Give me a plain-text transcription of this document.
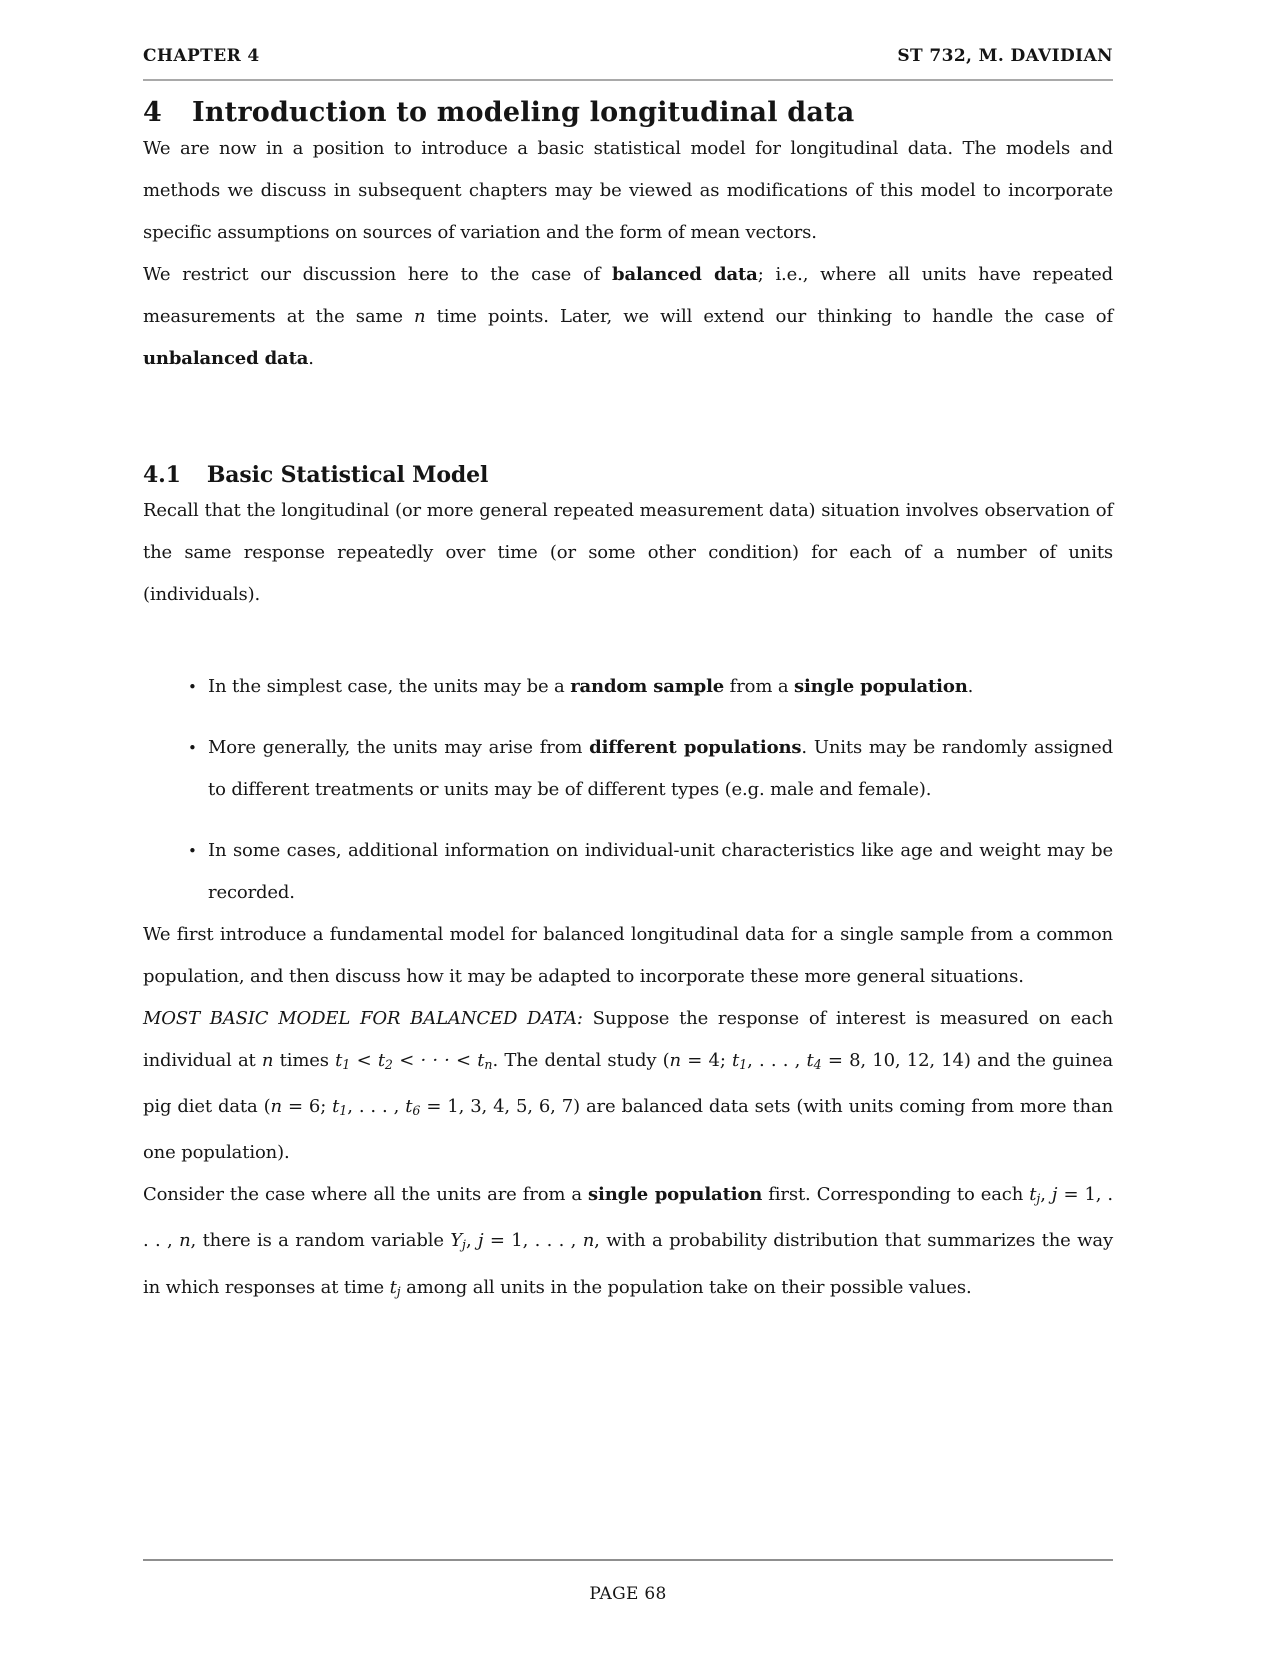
CHAPTER 4	ST 732, M. DAVIDIAN
4 Introduction to modeling longitudinal data

We are now in a position to introduce a basic statistical model for longitudinal data. The models and methods we discuss in subsequent chapters may be viewed as modifications of this model to incorporate specific assumptions on sources of variation and the form of mean vectors.

We restrict our discussion here to the case of balanced data; i.e., where all units have repeated measurements at the same n time points. Later, we will extend our thinking to handle the case of unbalanced data.

4.1 Basic Statistical Model

Recall that the longitudinal (or more general repeated measurement data) situation involves observation of the same response repeatedly over time (or some other condition) for each of a number of units (individuals).

• In the simplest case, the units may be a random sample from a single population.
• More generally, the units may arise from different populations. Units may be randomly assigned to different treatments or units may be of different types (e.g. male and female).
• In some cases, additional information on individual-unit characteristics like age and weight may be recorded.

We first introduce a fundamental model for balanced longitudinal data for a single sample from a common population, and then discuss how it may be adapted to incorporate these more general situations.

MOST BASIC MODEL FOR BALANCED DATA: Suppose the response of interest is measured on each individual at n times t1 < t2 < · · · < tn. The dental study (n = 4; t1, . . . , t4 = 8, 10, 12, 14) and the guinea pig diet data (n = 6; t1, . . . , t6 = 1, 3, 4, 5, 6, 7) are balanced data sets (with units coming from more than one population).

Consider the case where all the units are from a single population first. Corresponding to each tj, j = 1, . . . , n, there is a random variable Yj, j = 1, . . . , n, with a probability distribution that summarizes the way in which responses at time tj among all units in the population take on their possible values.

PAGE 68
